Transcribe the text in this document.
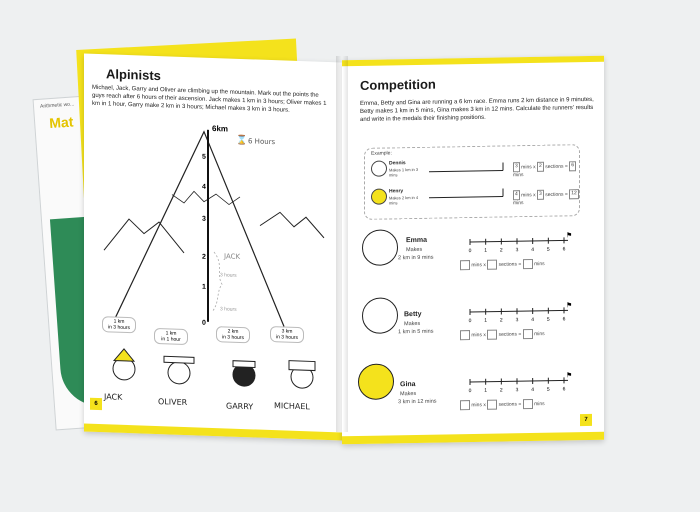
Arithmetic wo...
Mat
Alpinists
Michael, Jack, Garry and Oliver are climbing up the mountain. Mark out the points the guys reach after 6 hours of their ascension. Jack makes 1 km in 3 hours; Oliver makes 1 km in 1 hour, Garry make 2 km in 3 hours; Michael makes 3 km in 3 hours.
6km
5
4
3
2
1
0
⌛ 6 Hours
JACK
3 hours
3 hours
1 km
in 3 hours
1 km
in 1 hour
2 km
in 3 hours
3 km
in 3 hours
JACK
OLIVER	GARRY	MICHAEL
6
Competition
Emma, Betty and Gina are running a 6 km race. Emma runs 2 km distance in 9 minutes, Betty makes 1 km in 5 mins, Gina makes 3 km in 12 mins. Calculate the runners' results and write in the medals their finishing positions.
Example:
Dennis
Makes 1 km in 3 mins
3 mins x 2 sections = 6 mins
Henry
Makes 2 km in 4 mins
4 mins x 3 sections = 12 mins
Emma
Makes
2 km in 9 mins
Betty
Makes
1 km in 5 mins
Gina
Makes
3 km in 12 mins
0	1	2	3	4	5	6
⚑
0	1	2	3	4	5	6
⚑
0	1	2	3	4	5	6
⚑
mins x	sections =	mins
mins x	sections =	mins
mins x	sections =	mins
7
